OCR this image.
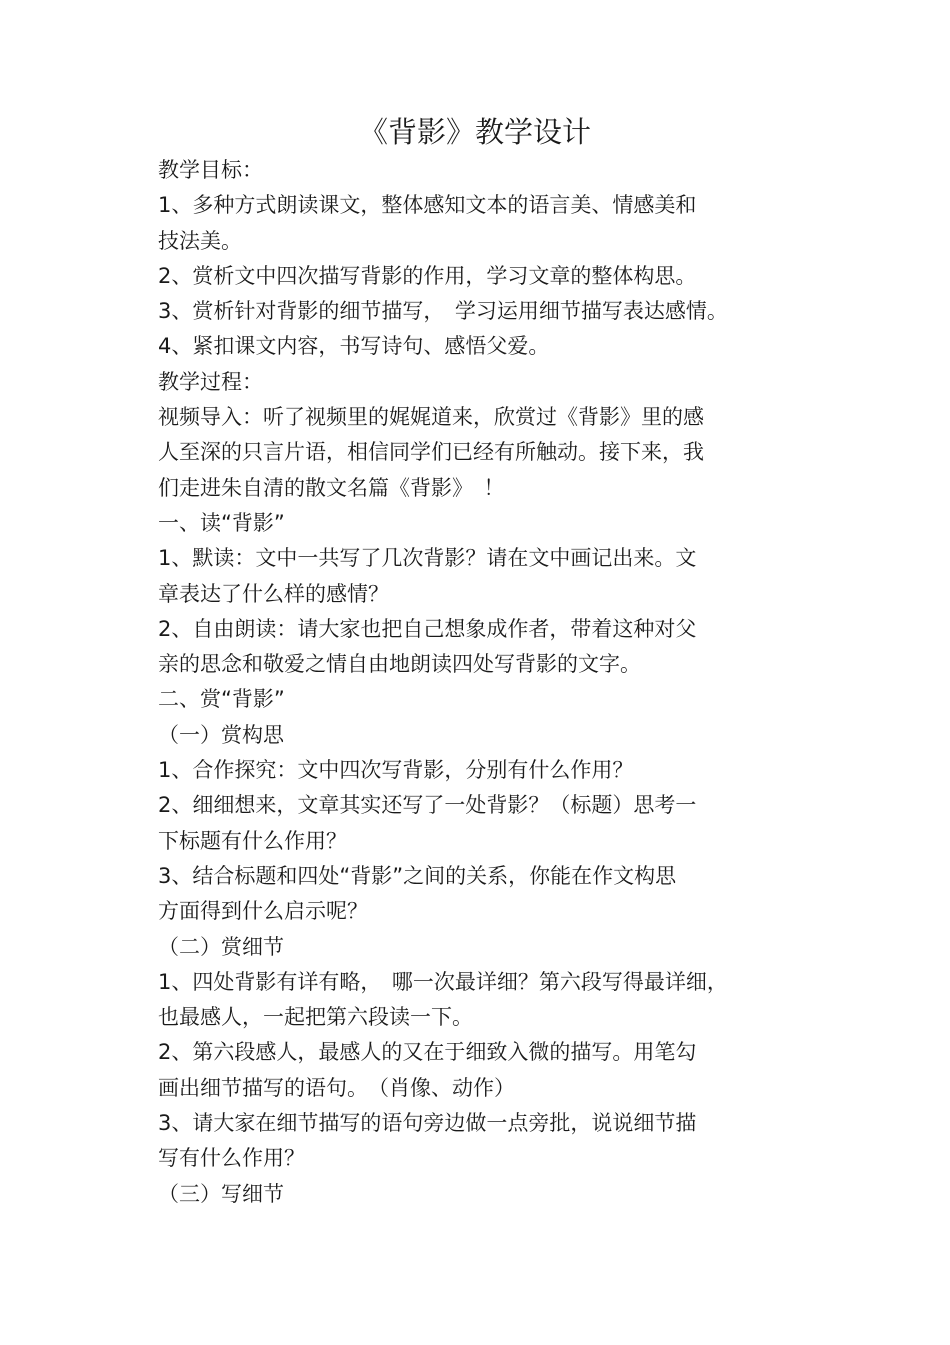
《背影》教学设计
教学目标：
1、多种方式朗读课文，整体感知文本的语言美、情感美和
技法美。
2、赏析文中四次描写背影的作用，学习文章的整体构思。
3、赏析针对背影的细节描写，　学习运用细节描写表达感情。
4、紧扣课文内容，书写诗句、感悟父爱。
教学过程：
视频导入：听了视频里的娓娓道来，欣赏过《背影》里的感
人至深的只言片语，相信同学们已经有所触动。接下来，我
们走进朱自清的散文名篇《背影》　！
一、读“背影”
1、默读：文中一共写了几次背影？请在文中画记出来。文
章表达了什么样的感情？
2、自由朗读：请大家也把自己想象成作者，带着这种对父
亲的思念和敬爱之情自由地朗读四处写背影的文字。
二、赏“背影”
（一）赏构思
1、合作探究：文中四次写背影，分别有什么作用？
2、细细想来，文章其实还写了一处背影？（标题）思考一
下标题有什么作用？
3、结合标题和四处“背影”之间的关系，你能在作文构思
方面得到什么启示呢？
（二）赏细节
1、四处背影有详有略，　哪一次最详细？第六段写得最详细，
也最感人，一起把第六段读一下。
2、第六段感人，最感人的又在于细致入微的描写。用笔勾
画出细节描写的语句。　（肖像、动作）
3、请大家在细节描写的语句旁边做一点旁批，说说细节描
写有什么作用？
（三）写细节
